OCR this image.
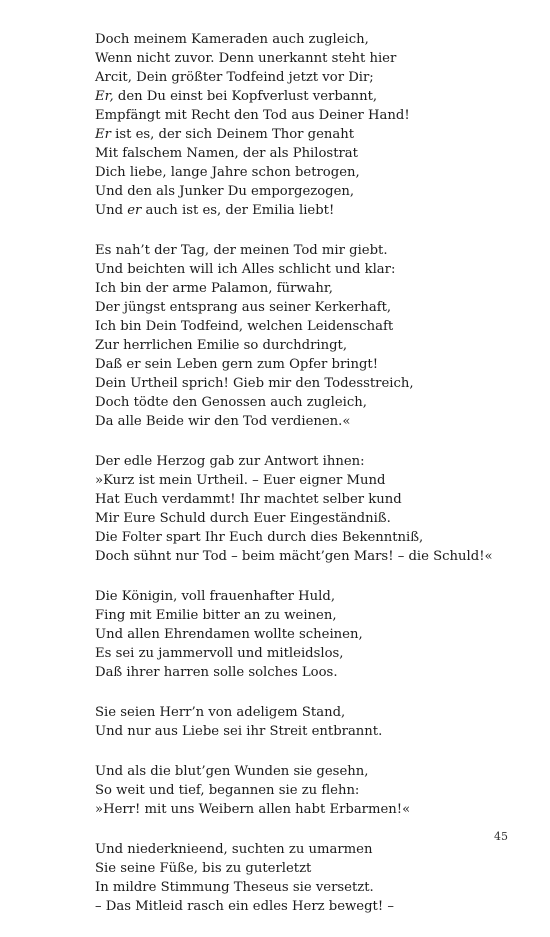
Doch meinem Kameraden auch zugleich,
Wenn nicht zuvor. Denn unerkannt steht hier
Arcit, Dein größter Todfeind jetzt vor Dir;
Er, den Du einst bei Kopfverlust verbannt,
Empfängt mit Recht den Tod aus Deiner Hand!
Er ist es, der sich Deinem Thor genaht
Mit falschem Namen, der als Philostrat
Dich liebe, lange Jahre schon betrogen,
Und den als Junker Du emporgezogen,
Und er auch ist es, der Emilia liebt!
Es nah’t der Tag, der meinen Tod mir giebt.
Und beichten will ich Alles schlicht und klar:
Ich bin der arme Palamon, fürwahr,
Der jüngst entsprang aus seiner Kerkerhaft,
Ich bin Dein Todfeind, welchen Leidenschaft
Zur herrlichen Emilie so durchdringt,
Daß er sein Leben gern zum Opfer bringt!
Dein Urtheil sprich! Gieb mir den Todesstreich,
Doch tödte den Genossen auch zugleich,
Da alle Beide wir den Tod verdienen.«
Der edle Herzog gab zur Antwort ihnen:
»Kurz ist mein Urtheil. – Euer eigner Mund
Hat Euch verdammt! Ihr machtet selber kund
Mir Eure Schuld durch Euer Eingeständniß.
Die Folter spart Ihr Euch durch dies Bekenntniß,
Doch sühnt nur Tod – beim mächt’gen Mars! – die Schuld!«
Die Königin, voll frauenhafter Huld,
Fing mit Emilie bitter an zu weinen,
Und allen Ehrendamen wollte scheinen,
Es sei zu jammervoll und mitleidslos,
Daß ihrer harren solle solches Loos.
Sie seien Herr’n von adeligem Stand,
Und nur aus Liebe sei ihr Streit entbrannt.
Und als die blut’gen Wunden sie gesehn,
So weit und tief, begannen sie zu flehn:
»Herr! mit uns Weibern allen habt Erbarmen!«
Und niederknieend, suchten zu umarmen
Sie seine Füße, bis zu guterletzt
In mildre Stimmung Theseus sie versetzt.
– Das Mitleid rasch ein edles Herz bewegt! –
45
